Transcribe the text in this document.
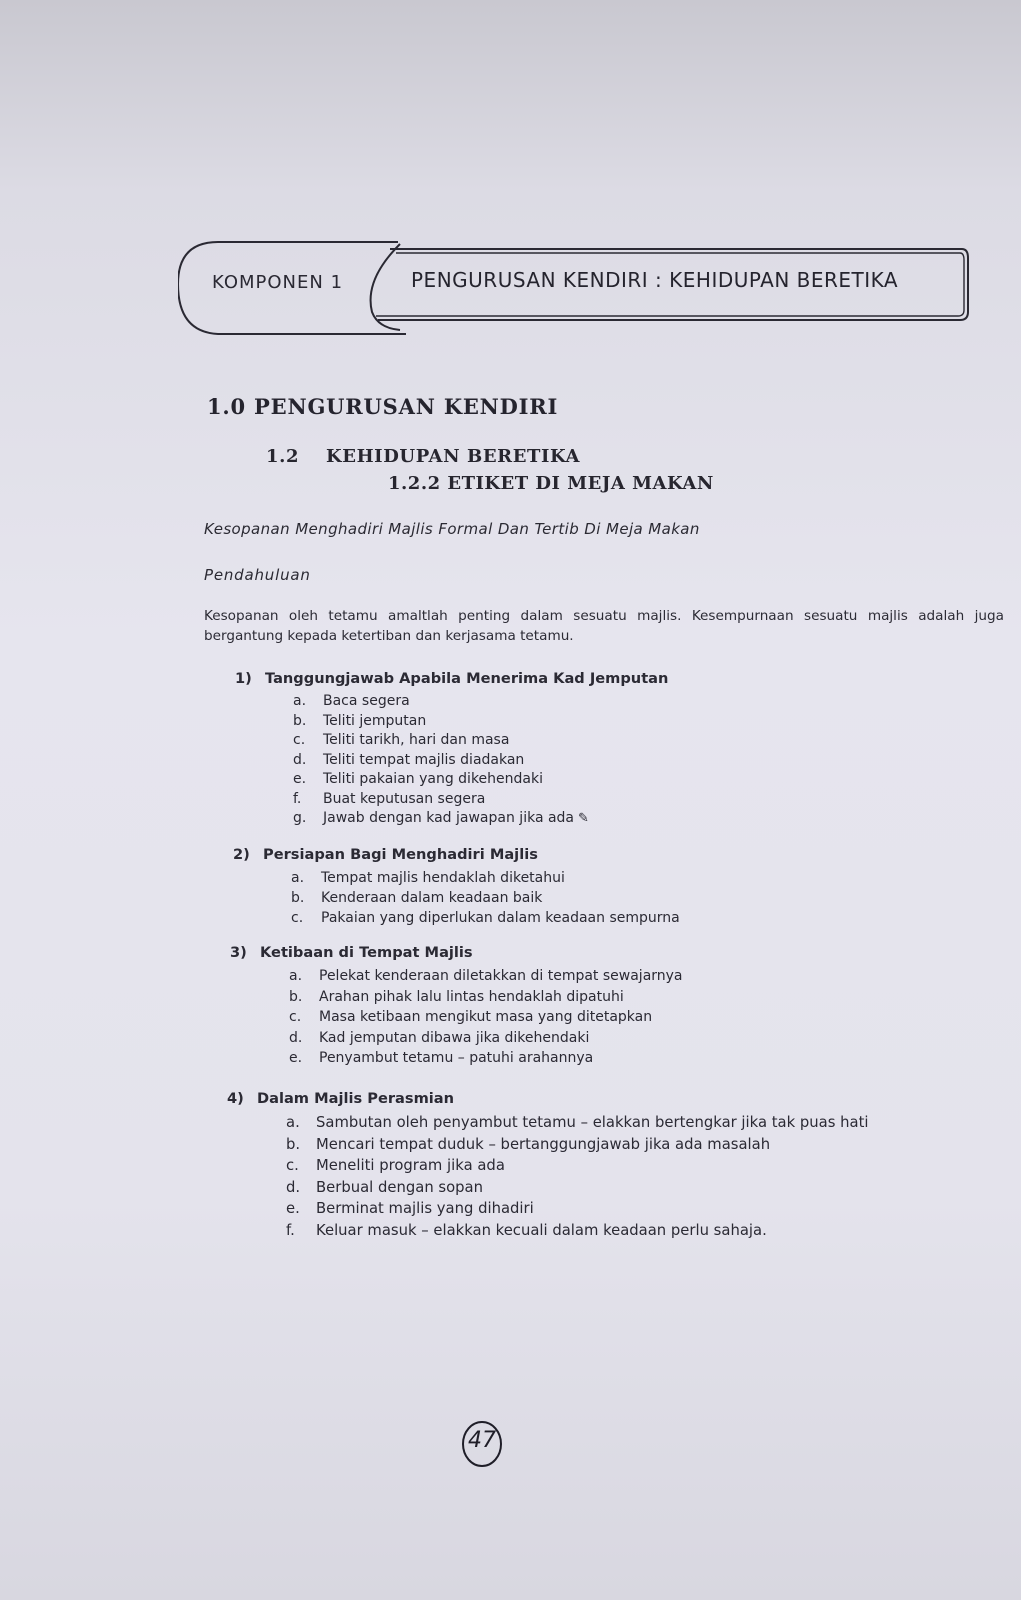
KOMPONEN 1	PENGURUSAN KENDIRI : KEHIDUPAN BERETIKA
1.0 PENGURUSAN KENDIRI
1.2 KEHIDUPAN BERETIKA
1.2.2 ETIKET DI MEJA MAKAN
Kesopanan Menghadiri Majlis Formal Dan Tertib Di Meja Makan
Pendahuluan
Kesopanan oleh tetamu amaltlah penting dalam sesuatu majlis. Kesempurnaan sesuatu majlis adalah juga bergantung kepada ketertiban dan kerjasama tetamu.
1) Tanggungjawab Apabila Menerima Kad Jemputan
a. Baca segera
b. Teliti jemputan
c. Teliti tarikh, hari dan masa
d. Teliti tempat majlis diadakan
e. Teliti pakaian yang dikehendaki
f. Buat keputusan segera
g. Jawab dengan kad jawapan jika ada ✎
2) Persiapan Bagi Menghadiri Majlis
a. Tempat majlis hendaklah diketahui
b. Kenderaan dalam keadaan baik
c. Pakaian yang diperlukan dalam keadaan sempurna
3) Ketibaan di Tempat Majlis
a. Pelekat kenderaan diletakkan di tempat sewajarnya
b. Arahan pihak lalu lintas hendaklah dipatuhi
c. Masa ketibaan mengikut masa yang ditetapkan
d. Kad jemputan dibawa jika dikehendaki
e. Penyambut tetamu – patuhi arahannya
4) Dalam Majlis Perasmian
a. Sambutan oleh penyambut tetamu – elakkan bertengkar jika tak puas hati
b. Mencari tempat duduk – bertanggungjawab jika ada masalah
c. Meneliti program jika ada
d. Berbual dengan sopan
e. Berminat majlis yang dihadiri
f. Keluar masuk – elakkan kecuali dalam keadaan perlu sahaja.
47
